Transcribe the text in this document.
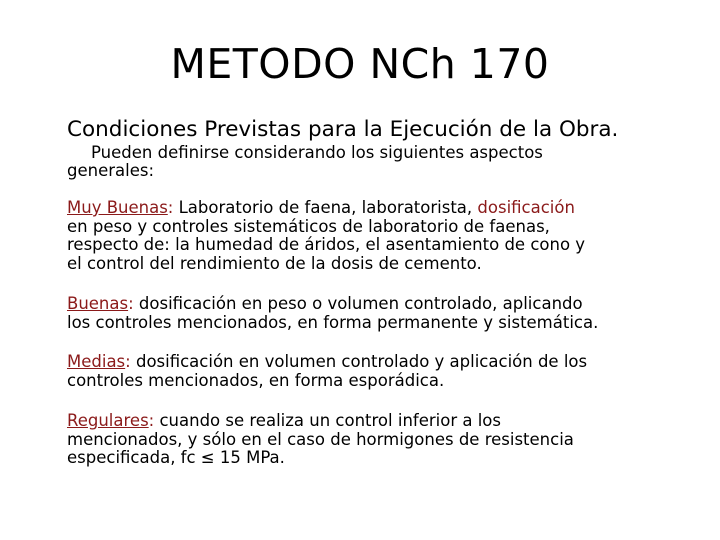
METODO NCh 170
Condiciones Previstas para la Ejecución de la Obra.
Pueden definirse considerando los siguientes aspectos
generales:
Muy Buenas: Laboratorio de faena, laboratorista, dosificación
en peso y controles sistemáticos de laboratorio de faenas,
respecto de: la humedad de áridos, el asentamiento de cono y
el control del rendimiento de la dosis de cemento.
Buenas: dosificación en peso o volumen controlado, aplicando
los controles mencionados, en forma permanente y sistemática.
Medias: dosificación en volumen controlado y aplicación de los
controles mencionados, en forma esporádica.
Regulares: cuando se realiza un control inferior a los
mencionados, y sólo en el caso de hormigones de resistencia
especificada, fc ≤ 15 MPa.
